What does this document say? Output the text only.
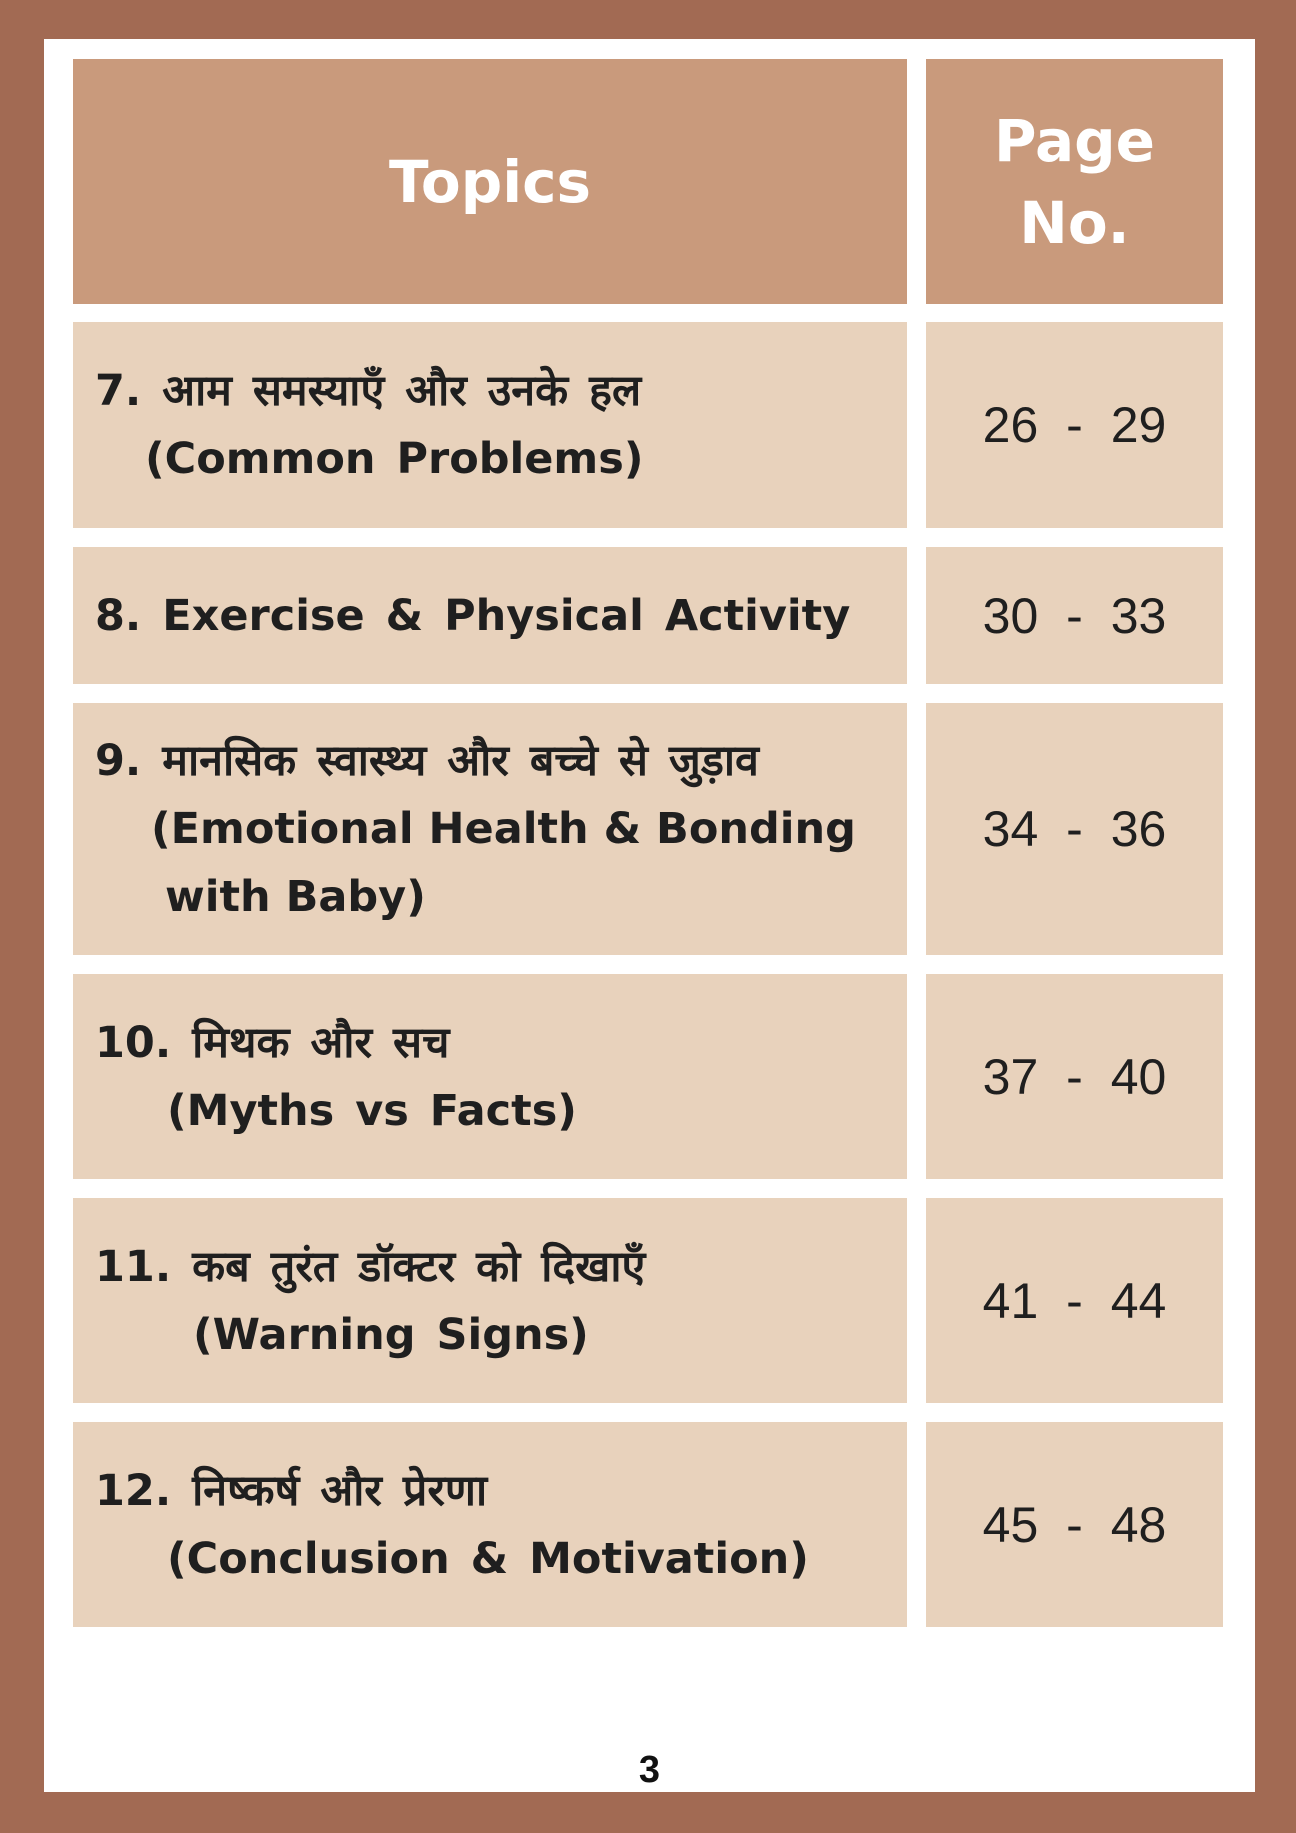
Topics
Page
No.
7. आम समस्याएँ और उनके हल
(Common Problems)
26 - 29
8. Exercise & Physical Activity	30 - 33
9. मानसिक स्वास्थ्य और बच्चे से जुड़ाव
(Emotional Health & Bonding
with Baby)
34 - 36
10. मिथक और सच
(Myths vs Facts)
37 - 40
11. कब तुरंत डॉक्टर को दिखाएँ
(Warning Signs)
41 - 44
12. निष्कर्ष और प्रेरणा
(Conclusion & Motivation)
45 - 48
3
